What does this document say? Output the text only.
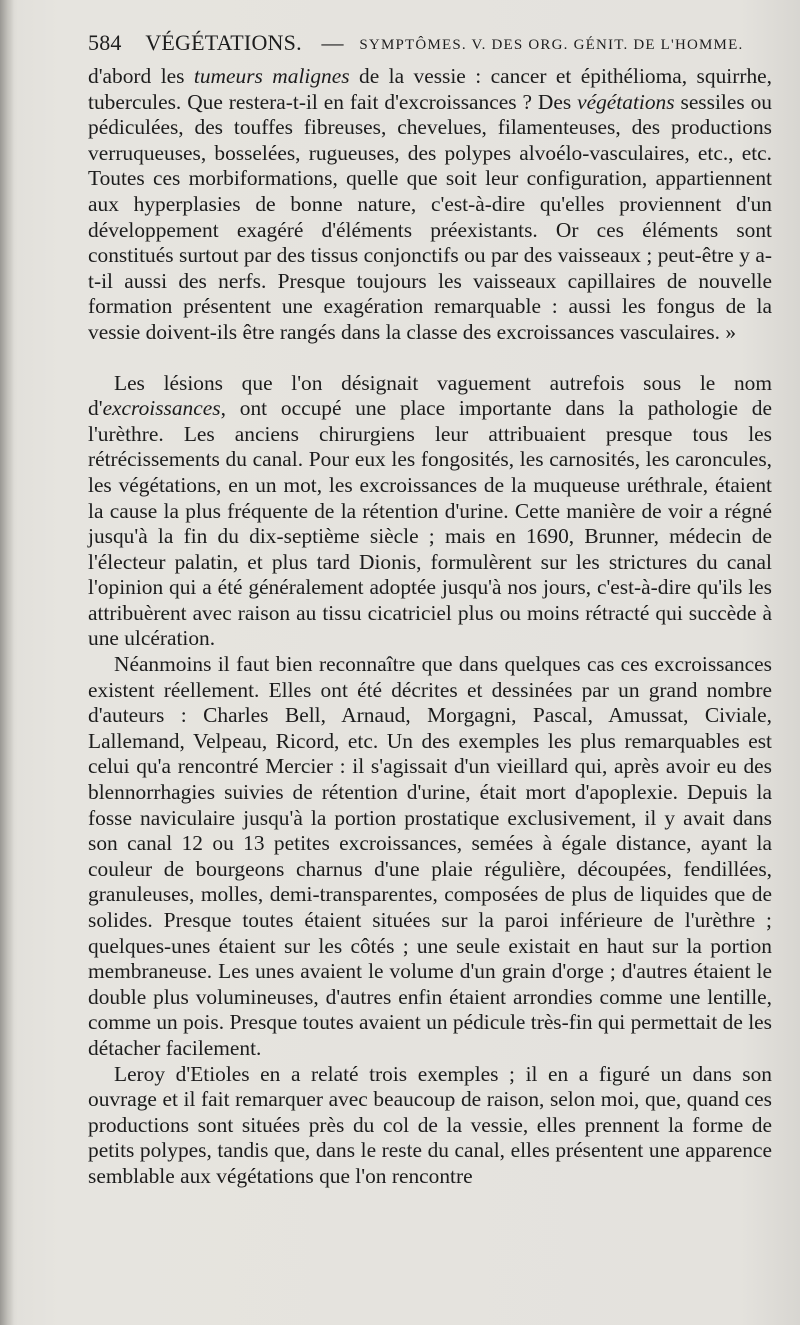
584 VÉGÉTATIONS. — SYMPTÔMES. V. DES ORG. GÉNIT. DE L'HOMME.

d'abord les tumeurs malignes de la vessie : cancer et épithélioma, squirrhe, tubercules. Que restera-t-il en fait d'excroissances ? Des végétations sessiles ou pédiculées, des touffes fibreuses, chevelues, filamenteuses, des productions verruqueuses, bosselées, rugueuses, des polypes alvoélo-vasculaires, etc., etc. Toutes ces morbiformations, quelle que soit leur configuration, appartiennent aux hyperplasies de bonne nature, c'est-à-dire qu'elles proviennent d'un développement exagéré d'éléments préexistants. Or ces éléments sont constitués surtout par des tissus conjonctifs ou par des vaisseaux ; peut-être y a-t-il aussi des nerfs. Presque toujours les vaisseaux capillaires de nouvelle formation présentent une exagération remarquable : aussi les fongus de la vessie doivent-ils être rangés dans la classe des excroissances vasculaires. »

Les lésions que l'on désignait vaguement autrefois sous le nom d'excroissances, ont occupé une place importante dans la pathologie de l'urèthre. Les anciens chirurgiens leur attribuaient presque tous les rétrécissements du canal. Pour eux les fongosités, les carnosités, les caroncules, les végétations, en un mot, les excroissances de la muqueuse uréthrale, étaient la cause la plus fréquente de la rétention d'urine. Cette manière de voir a régné jusqu'à la fin du dix-septième siècle ; mais en 1690, Brunner, médecin de l'électeur palatin, et plus tard Dionis, formulèrent sur les strictures du canal l'opinion qui a été généralement adoptée jusqu'à nos jours, c'est-à-dire qu'ils les attribuèrent avec raison au tissu cicatriciel plus ou moins rétracté qui succède à une ulcération.

Néanmoins il faut bien reconnaître que dans quelques cas ces excroissances existent réellement. Elles ont été décrites et dessinées par un grand nombre d'auteurs : Charles Bell, Arnaud, Morgagni, Pascal, Amussat, Civiale, Lallemand, Velpeau, Ricord, etc. Un des exemples les plus remarquables est celui qu'a rencontré Mercier : il s'agissait d'un vieillard qui, après avoir eu des blennorrhagies suivies de rétention d'urine, était mort d'apoplexie. Depuis la fosse naviculaire jusqu'à la portion prostatique exclusivement, il y avait dans son canal 12 ou 13 petites excroissances, semées à égale distance, ayant la couleur de bourgeons charnus d'une plaie régulière, découpées, fendillées, granuleuses, molles, demi-transparentes, composées de plus de liquides que de solides. Presque toutes étaient situées sur la paroi inférieure de l'urèthre ; quelques-unes étaient sur les côtés ; une seule existait en haut sur la portion membraneuse. Les unes avaient le volume d'un grain d'orge ; d'autres étaient le double plus volumineuses, d'autres enfin étaient arrondies comme une lentille, comme un pois. Presque toutes avaient un pédicule très-fin qui permettait de les détacher facilement.

Leroy d'Etioles en a relaté trois exemples ; il en a figuré un dans son ouvrage et il fait remarquer avec beaucoup de raison, selon moi, que, quand ces productions sont situées près du col de la vessie, elles prennent la forme de petits polypes, tandis que, dans le reste du canal, elles présentent une apparence semblable aux végétations que l'on rencontre
